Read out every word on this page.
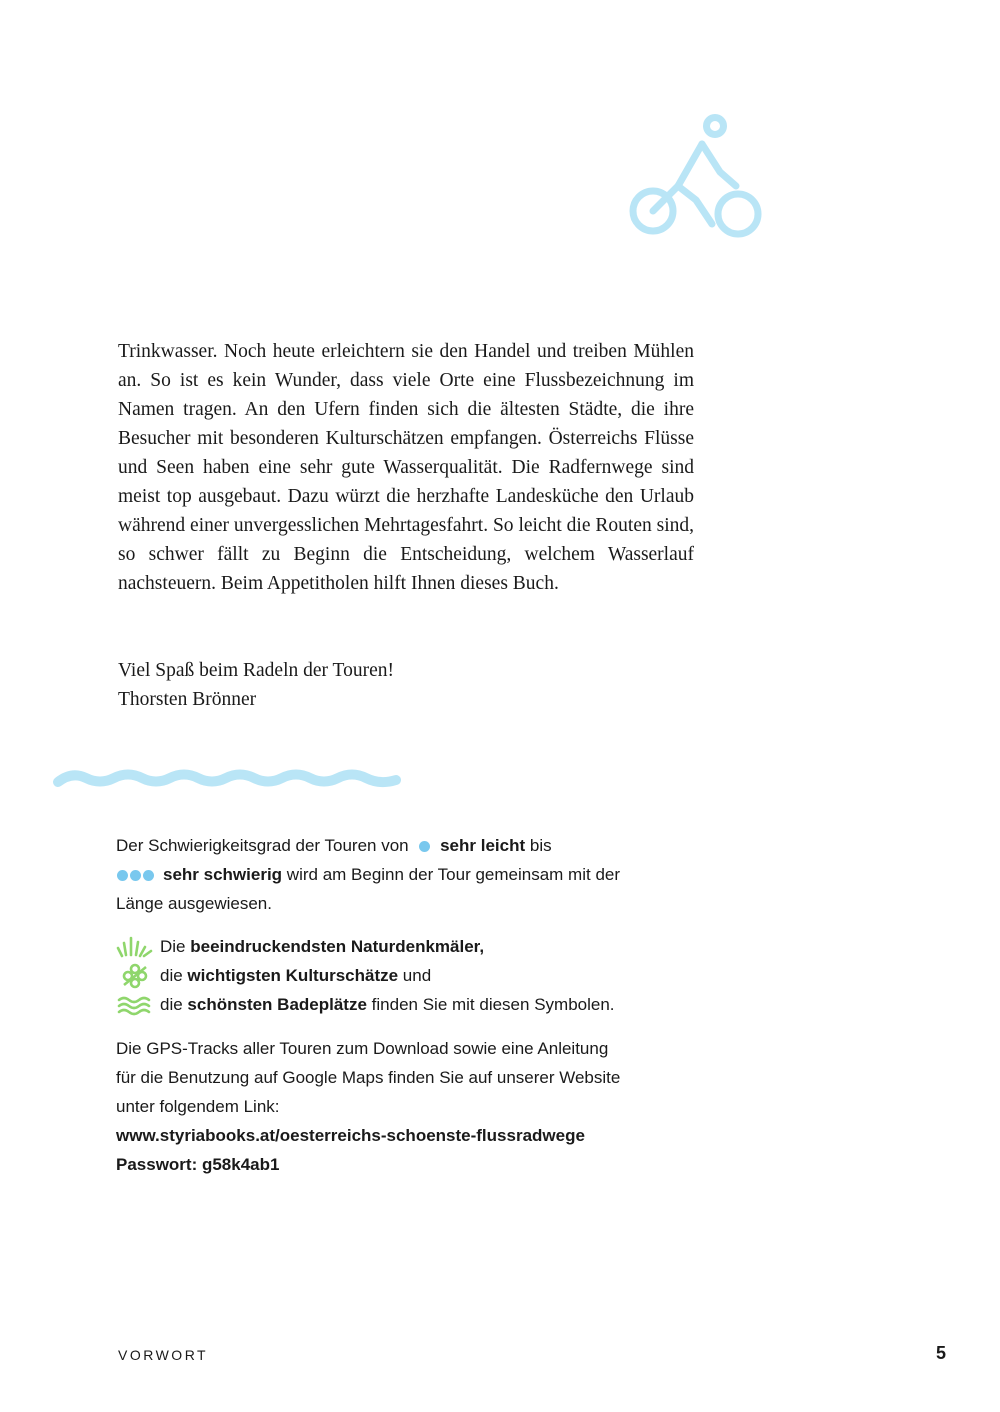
Trinkwasser. Noch heute erleichtern sie den Handel und treiben Mühlen an. So ist es kein Wunder, dass viele Orte eine Flussbezeichnung im Namen tragen. An den Ufern finden sich die ältesten Städte, die ihre Besucher mit besonderen Kulturschätzen empfangen. Österreichs Flüsse und Seen haben eine sehr gute Wasserqualität. Die Radfernwege sind meist top ausgebaut. Dazu würzt die herzhafte Landesküche den Urlaub während einer unvergesslichen Mehrtagesfahrt. So leicht die Routen sind, so schwer fällt zu Beginn die Entscheidung, welchem Wasserlauf nachsteuern. Beim Appetitholen hilft Ihnen dieses Buch.

Viel Spaß beim Radeln der Touren!
Thorsten Brönner
Der Schwierigkeitsgrad der Touren von sehr leicht bis
sehr schwierig wird am Beginn der Tour gemeinsam mit der
Länge ausgewiesen.
Die
beeindruckendsten Naturdenkmäler,
die
wichtigsten Kulturschätze
und
die
schönsten Badeplätze
finden Sie mit diesen Symbolen.
Die GPS-Tracks aller Touren zum Download sowie eine Anleitung
für die Benutzung auf Google Maps finden Sie auf unserer Website
unter folgendem Link:
www.styriabooks.at/oesterreichs-schoenste-flussradwege
Passwort: g58k4ab1
VORWORT	5
